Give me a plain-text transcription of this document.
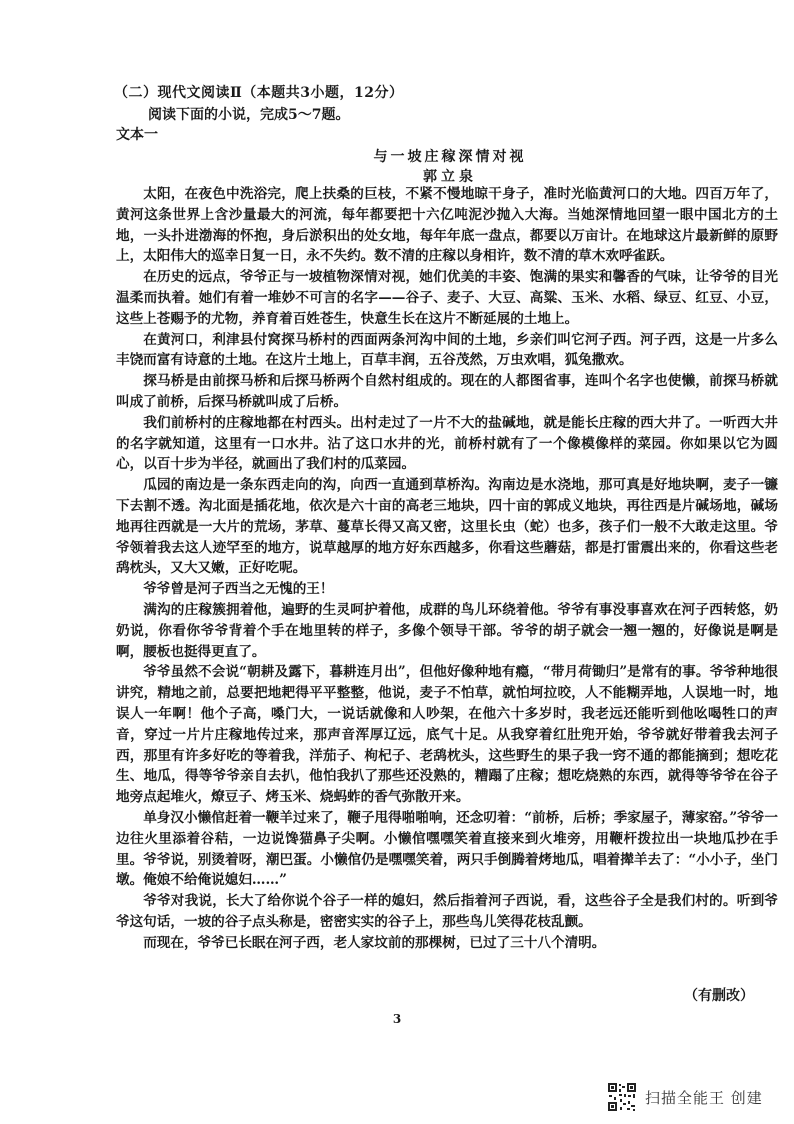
（二）现代文阅读Ⅱ（本题共3小题，12分）
阅读下面的小说，完成5～7题。
文本一
与一坡庄稼深情对视
郭立泉

太阳，在夜色中洗浴完，爬上扶桑的巨枝，不紧不慢地晾干身子，准时光临黄河口的大地。四百万年了，黄河这条世界上含沙量最大的河流，每年都要把十六亿吨泥沙抛入大海。当她深情地回望一眼中国北方的土地，一头扑进渤海的怀抱，身后淤积出的处女地，每年年底一盘点，都要以万亩计。在地球这片最新鲜的原野上，太阳伟大的巡幸日复一日，永不失约。数不清的庄稼以身相许，数不清的草木欢呼雀跃。

在历史的远点，爷爷正与一坡植物深情对视，她们优美的丰姿、饱满的果实和馨香的气味，让爷爷的目光温柔而执着。她们有着一堆妙不可言的名字——谷子、麦子、大豆、高粱、玉米、水稻、绿豆、红豆、小豆，这些上苍赐予的尤物，养育着百姓苍生，快意生长在这片不断延展的土地上。

在黄河口，利津县付窝探马桥村的西面两条河沟中间的土地，乡亲们叫它河子西。河子西，这是一片多么丰饶而富有诗意的土地。在这片土地上，百草丰润，五谷茂然，万虫欢唱，狐兔撒欢。

探马桥是由前探马桥和后探马桥两个自然村组成的。现在的人都图省事，连叫个名字也使懒，前探马桥就叫成了前桥，后探马桥就叫成了后桥。

我们前桥村的庄稼地都在村西头。出村走过了一片不大的盐碱地，就是能长庄稼的西大井了。一听西大井的名字就知道，这里有一口水井。沾了这口水井的光，前桥村就有了一个像模像样的菜园。你如果以它为圆心，以百十步为半径，就画出了我们村的瓜菜园。

瓜园的南边是一条东西走向的沟，向西一直通到草桥沟。沟南边是水浇地，那可真是好地块啊，麦子一镰下去割不透。沟北面是插花地，依次是六十亩的高老三地块，四十亩的郭成义地块，再往西是片碱场地，碱场地再往西就是一大片的荒场，茅草、蔓草长得又高又密，这里长虫（蛇）也多，孩子们一般不大敢走这里。爷爷领着我去这人迹罕至的地方，说草越厚的地方好东西越多，你看这些蘑菇，都是打雷震出来的，你看这些老鸹枕头，又大又嫩，正好吃呢。

爷爷曾是河子西当之无愧的王！

满沟的庄稼簇拥着他，遍野的生灵呵护着他，成群的鸟儿环绕着他。爷爷有事没事喜欢在河子西转悠，奶奶说，你看你爷爷背着个手在地里转的样子，多像个领导干部。爷爷的胡子就会一翘一翘的，好像说是啊是啊，腰板也挺得更直了。

爷爷虽然不会说“朝耕及露下，暮耕连月出”，但他好像种地有瘾，“带月荷锄归”是常有的事。爷爷种地很讲究，精地之前，总要把地耙得平平整整，他说，麦子不怕草，就怕坷拉咬，人不能糊弄地，人误地一时，地误人一年啊！他个子高，嗓门大，一说话就像和人吵架，在他六十多岁时，我老远还能听到他吆喝牲口的声音，穿过一片片庄稼地传过来，那声音浑厚辽远，底气十足。从我穿着红肚兜开始，爷爷就好带着我去河子西，那里有许多好吃的等着我，洋茄子、枸杞子、老鸹枕头，这些野生的果子我一窍不通的都能摘到；想吃花生、地瓜，得等爷爷亲自去扒，他怕我扒了那些还没熟的，糟蹋了庄稼；想吃烧熟的东西，就得等爷爷在谷子地旁点起堆火，燎豆子、烤玉米、烧蚂蚱的香气弥散开来。

单身汉小懒倌赶着一鞭羊过来了，鞭子甩得啪啪响，还念叨着：“前桥，后桥；季家屋子，薄家窑。”爷爷一边往火里添着谷秸，一边说馋猫鼻子尖啊。小懒倌嘿嘿笑着直接来到火堆旁，用鞭杆拨拉出一块地瓜抄在手里。爷爷说，别烫着呀，潮巴蛋。小懒倌仍是嘿嘿笑着，两只手倒腾着烤地瓜，唱着撵羊去了：“小小子，坐门墩。俺娘不给俺说媳妇……”

爷爷对我说，长大了给你说个谷子一样的媳妇，然后指着河子西说，看，这些谷子全是我们村的。听到爷爷这句话，一坡的谷子点头称是，密密实实的谷子上，那些鸟儿笑得花枝乱颤。

而现在，爷爷已长眠在河子西，老人家坟前的那棵树，已过了三十八个清明。

（有删改）
3
扫描全能王 创建
